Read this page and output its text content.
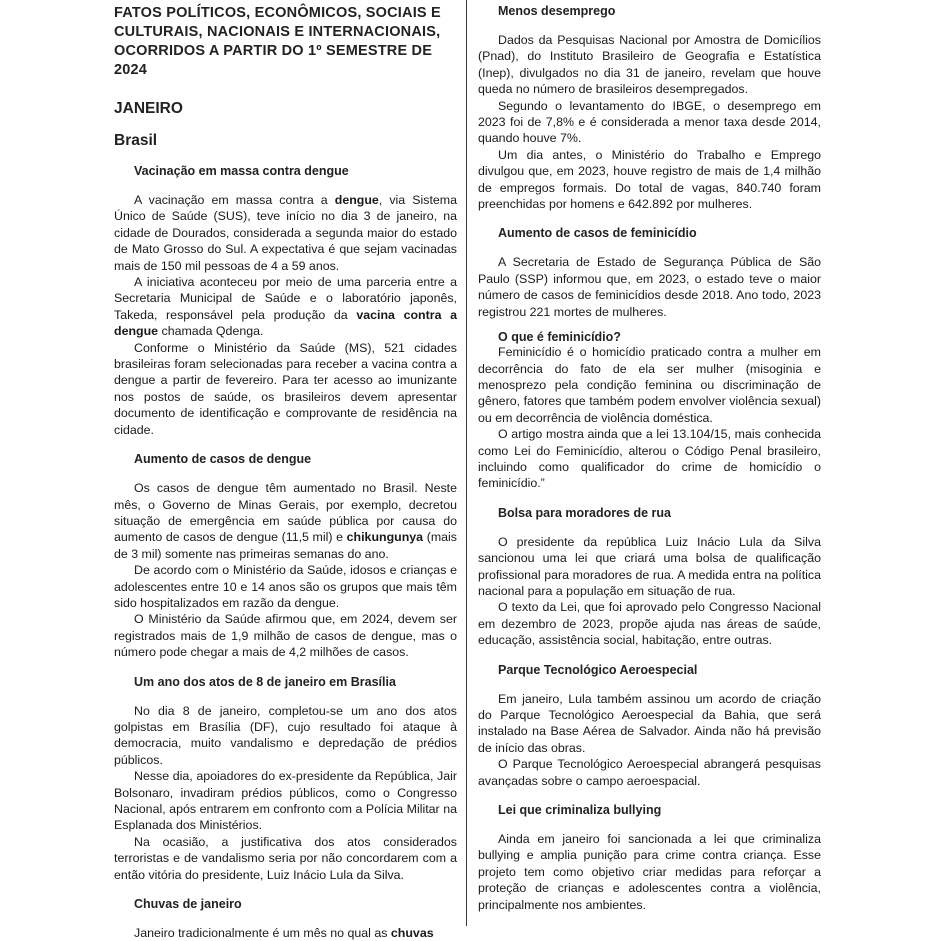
FATOS POLÍTICOS, ECONÔMICOS, SOCIAIS E CULTURAIS, NACIONAIS E INTERNACIONAIS, OCORRIDOS A PARTIR DO 1º SEMESTRE DE 2024
JANEIRO
Brasil
Vacinação em massa contra dengue

A vacinação em massa contra a dengue, via Sistema Único de Saúde (SUS), teve início no dia 3 de janeiro, na cidade de Dourados, considerada a segunda maior do estado de Mato Grosso do Sul. A expectativa é que sejam vacinadas mais de 150 mil pessoas de 4 a 59 anos.

A iniciativa aconteceu por meio de uma parceria entre a Secretaria Municipal de Saúde e o laboratório japonês, Takeda, responsável pela produção da vacina contra a dengue chamada Qdenga.

Conforme o Ministério da Saúde (MS), 521 cidades brasileiras foram selecionadas para receber a vacina contra a dengue a partir de fevereiro. Para ter acesso ao imunizante nos postos de saúde, os brasileiros devem apresentar documento de identificação e comprovante de residência na cidade.

Aumento de casos de dengue

Os casos de dengue têm aumentado no Brasil. Neste mês, o Governo de Minas Gerais, por exemplo, decretou situação de emergência em saúde pública por causa do aumento de casos de dengue (11,5 mil) e chikungunya (mais de 3 mil) somente nas primeiras semanas do ano.

De acordo com o Ministério da Saúde, idosos e crianças e adolescentes entre 10 e 14 anos são os grupos que mais têm sido hospitalizados em razão da dengue.

O Ministério da Saúde afirmou que, em 2024, devem ser registrados mais de 1,9 milhão de casos de dengue, mas o número pode chegar a mais de 4,2 milhões de casos.

Um ano dos atos de 8 de janeiro em Brasília

No dia 8 de janeiro, completou-se um ano dos atos golpistas em Brasília (DF), cujo resultado foi ataque à democracia, muito vandalismo e depredação de prédios públicos.

Nesse dia, apoiadores do ex-presidente da República, Jair Bolsonaro, invadiram prédios públicos, como o Congresso Nacional, após entrarem em confronto com a Polícia Militar na Esplanada dos Ministérios.

Na ocasião, a justificativa dos atos considerados terroristas e de vandalismo seria por não concordarem com a então vitória do presidente, Luiz Inácio Lula da Silva.

Chuvas de janeiro

Janeiro tradicionalmente é um mês no qual as chuvas

Menos desemprego

Dados da Pesquisas Nacional por Amostra de Domicílios (Pnad), do Instituto Brasileiro de Geografia e Estatística (Inep), divulgados no dia 31 de janeiro, revelam que houve queda no número de brasileiros desempregados.

Segundo o levantamento do IBGE, o desemprego em 2023 foi de 7,8% e é considerada a menor taxa desde 2014, quando houve 7%.

Um dia antes, o Ministério do Trabalho e Emprego divulgou que, em 2023, houve registro de mais de 1,4 milhão de empregos formais. Do total de vagas, 840.740 foram preenchidas por homens e 642.892 por mulheres.

Aumento de casos de feminicídio

A Secretaria de Estado de Segurança Pública de São Paulo (SSP) informou que, em 2023, o estado teve o maior número de casos de feminicídios desde 2018. Ano todo, 2023 registrou 221 mortes de mulheres.

O que é feminicídio?

Feminicídio é o homicídio praticado contra a mulher em decorrência do fato de ela ser mulher (misoginia e menosprezo pela condição feminina ou discriminação de gênero, fatores que também podem envolver violência sexual) ou em decorrência de violência doméstica.

O artigo mostra ainda que a lei 13.104/15, mais conhecida como Lei do Feminicídio, alterou o Código Penal brasileiro, incluindo como qualificador do crime de homicídio o feminicídio.”

Bolsa para moradores de rua

O presidente da república Luiz Inácio Lula da Silva sancionou uma lei que criará uma bolsa de qualificação profissional para moradores de rua. A medida entra na política nacional para a população em situação de rua.

O texto da Lei, que foi aprovado pelo Congresso Nacional em dezembro de 2023, propõe ajuda nas áreas de saúde, educação, assistência social, habitação, entre outras.

Parque Tecnológico Aeroespecial

Em janeiro, Lula também assinou um acordo de criação do Parque Tecnológico Aeroespecial da Bahia, que será instalado na Base Aérea de Salvador. Ainda não há previsão de início das obras.

O Parque Tecnológico Aeroespecial abrangerá pesquisas avançadas sobre o campo aeroespacial.

Lei que criminaliza bullying

Ainda em janeiro foi sancionada a lei que criminaliza bullying e amplia punição para crime contra criança. Esse projeto tem como objetivo criar medidas para reforçar a proteção de crianças e adolescentes contra a violência, principalmente nos ambientes.
